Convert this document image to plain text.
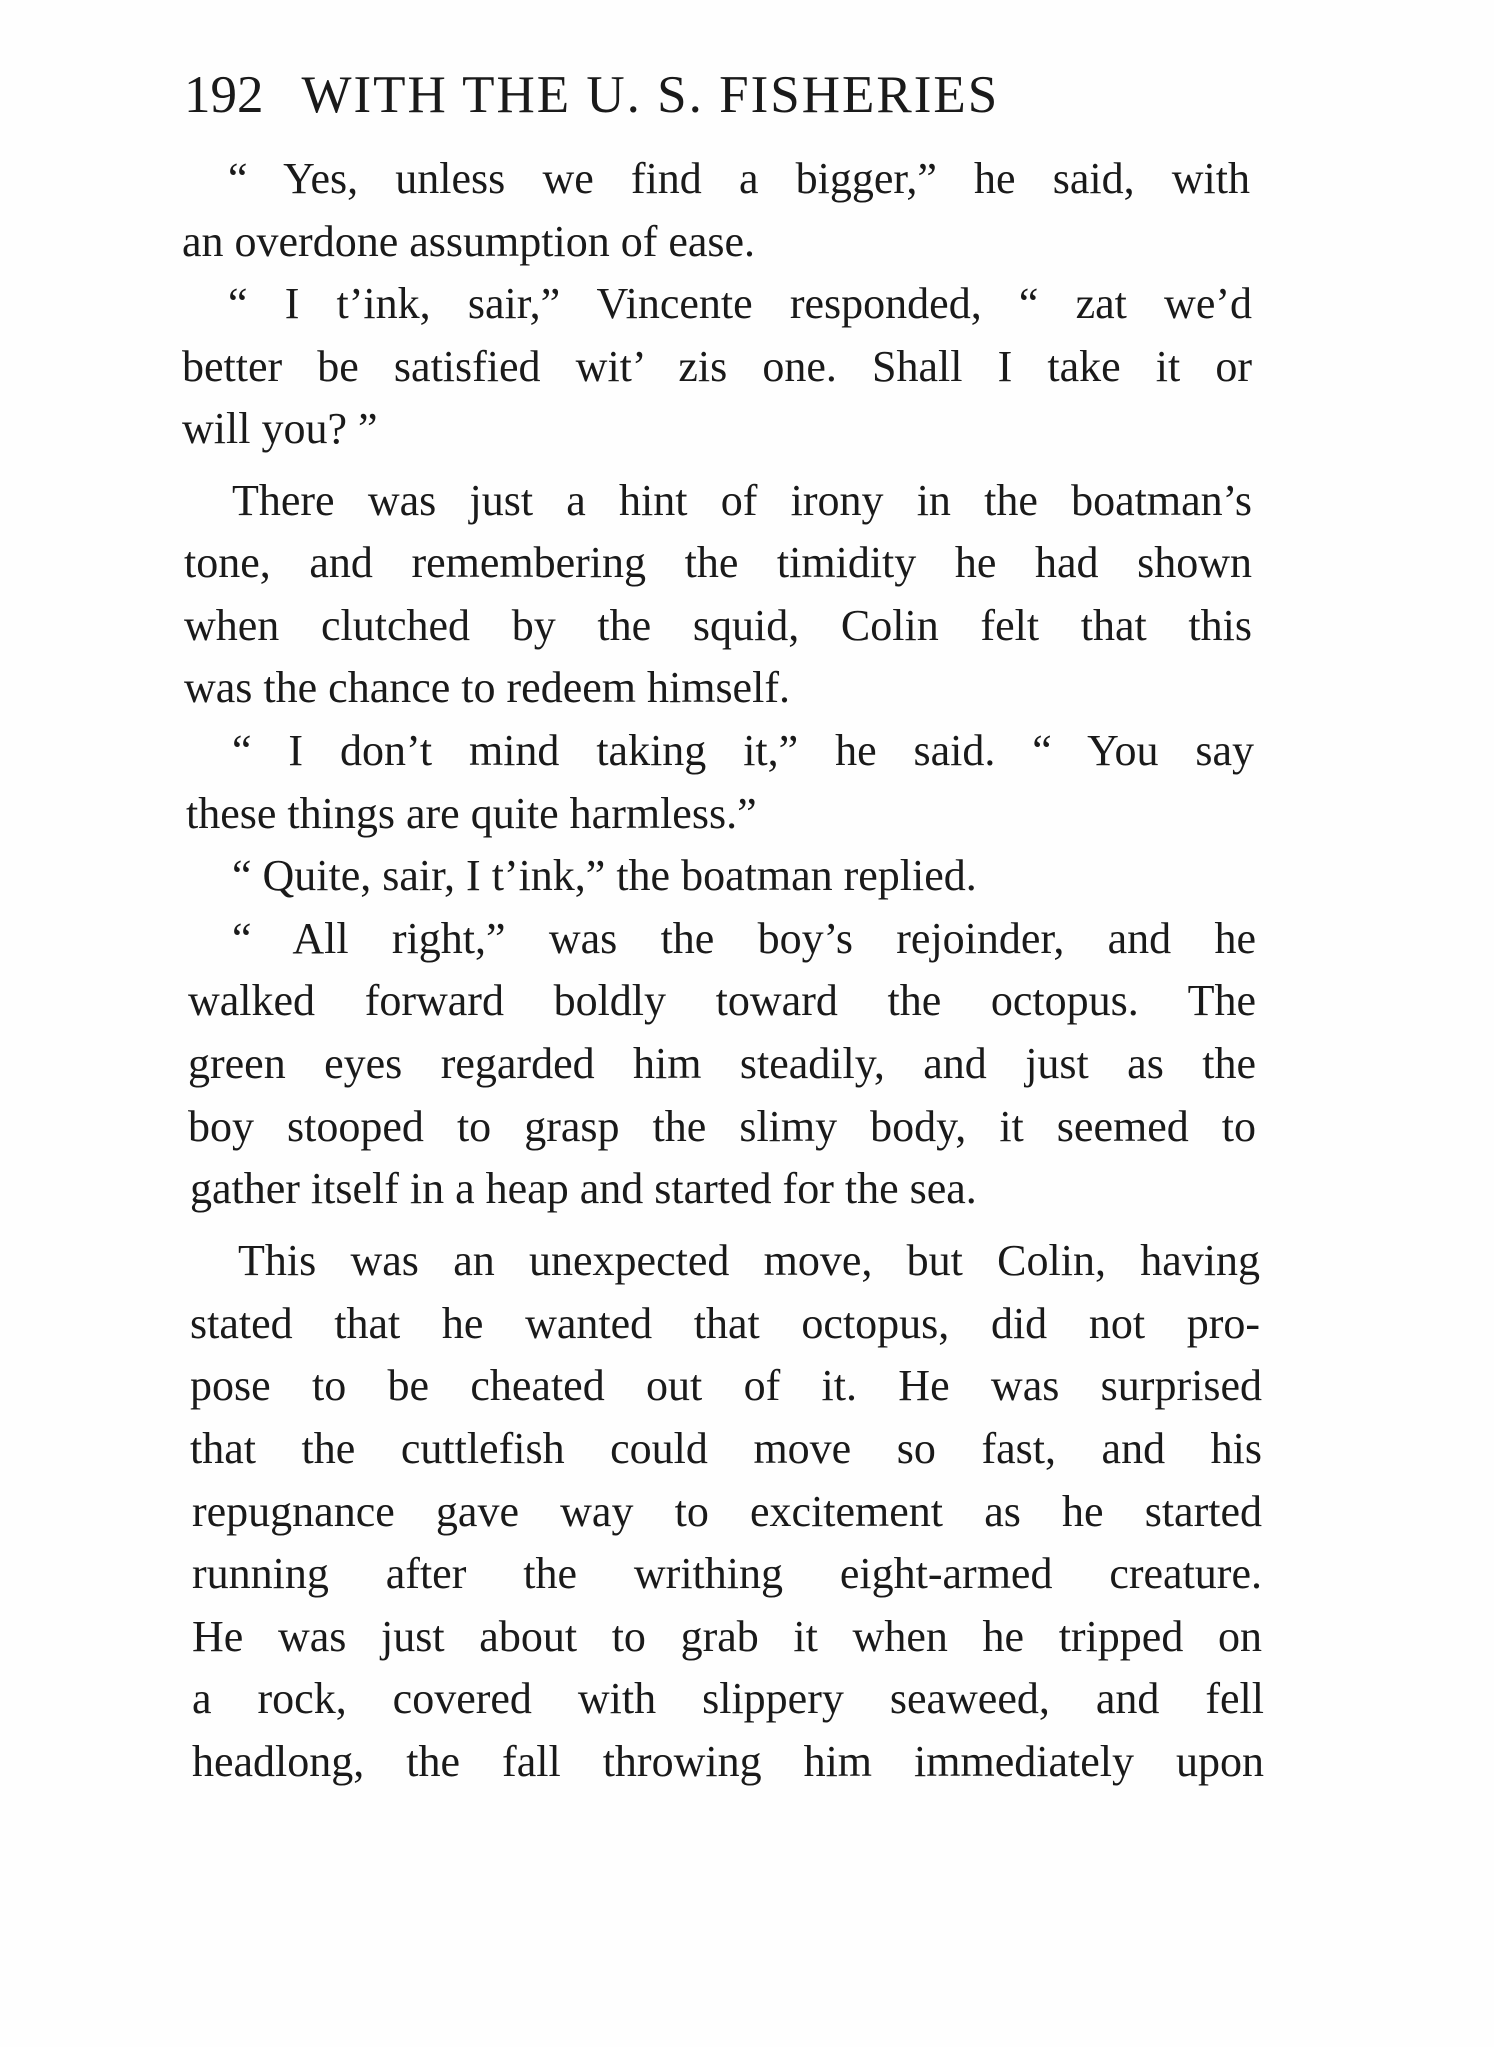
192 WITH THE U. S. FISHERIES
“ Yes, unless we find a bigger,” he said, with
an overdone assumption of ease.
“ I t’ink, sair,” Vincente responded, “ zat we’d
better be satisfied wit’ zis one. Shall I take it or
will you? ”
There was just a hint of irony in the boatman’s
tone, and remembering the timidity he had shown
when clutched by the squid, Colin felt that this
was the chance to redeem himself.
“ I don’t mind taking it,” he said. “ You say
these things are quite harmless.”
“ Quite, sair, I t’ink,” the boatman replied.
“ All right,” was the boy’s rejoinder, and he
walked forward boldly toward the octopus. The
green eyes regarded him steadily, and just as the
boy stooped to grasp the slimy body, it seemed to
gather itself in a heap and started for the sea.
This was an unexpected move, but Colin, having
stated that he wanted that octopus, did not pro-
pose to be cheated out of it. He was surprised
that the cuttlefish could move so fast, and his
repugnance gave way to excitement as he started
running after the writhing eight-armed creature.
He was just about to grab it when he tripped on
a rock, covered with slippery seaweed, and fell
headlong, the fall throwing him immediately upon
